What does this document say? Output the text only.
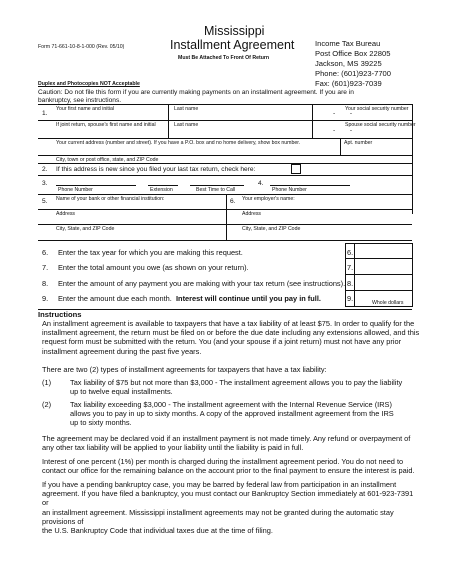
Form 71-661-10-8-1-000 (Rev. 05/10)
Mississippi
Installment Agreement
Must Be Attached To Front Of Return
Income Tax Bureau
Post Office Box 22805
Jackson, MS 39225
Phone: (601)923-7700
Fax: (601)923-7039
Duplex and Photocopies NOT Acceptable
Caution: Do not file this form if you are currently making payments on an installment agreement. If you are in
bankruptcy, see instructions.
Your first name and initial	Last name	Your social security number
1.	-        -
If joint return, spouse's first name and initial	Last name	Spouse social security number
-        -
Your current address (number and street). If you have a P.O. box and no home delivery, show box number.	Apt. number
City, town or post office, state, and ZIP Code
2. If this address is new since you filed your last tax return, check here:
3.
Phone Number	Extension	Best Time to Call
4.
Phone Number
5. Name of your bank or other financial institution:	6. Your employer's name:
Address	Address
City, State, and ZIP Code	City, State, and ZIP Code
6. Enter the tax year for which you are making this request.	6.
7. Enter the total amount you owe (as shown on your return).	7.
8. Enter the amount of any payment you are making with your tax return (see instructions). 8.
9. Enter the amount due each month. Interest will continue until you pay in full.	9.	Whole dollars
Instructions
An installment agreement is available to taxpayers that have a tax liability of at least $75. In order to qualify for the
installment agreement, the return must be filed on or before the due date including any extensions allowed, and this
request form must be submitted with the return. You (and your spouse if a joint return) must not have any prior
installment agreement during the past five years.
There are two (2) types of installment agreements for taxpayers that have a tax liability:
(1)	Tax liability of $75 but not more than $3,000 - The installment agreement allows you to pay the liability
up to twelve equal installments.
(2)	Tax liability exceeding $3,000 - The installment agreement with the Internal Revenue Service (IRS)
allows you to pay in up to sixty months. A copy of the approved installment agreement from the IRS
up to sixty months.
The agreement may be declared void if an installment payment is not made timely. Any refund or overpayment of
any other tax liability will be applied to your liability until the liability is paid in full.
Interest of one percent (1%) per month is charged during the installment agreement period. You do not need to
contact our office for the remaining balance on the account prior to the final payment to ensure the interest is paid.
If you have a pending bankruptcy case, you may be barred by federal law from participation in an installment
agreement. If you have filed a bankruptcy, you must contact our Bankruptcy Section immediately at 601-923-7391 or
an installment agreement. Mississippi installment agreements may not be granted during the automatic stay provisions of
the U.S. Bankruptcy Code that individual taxes due at the time of filing.
